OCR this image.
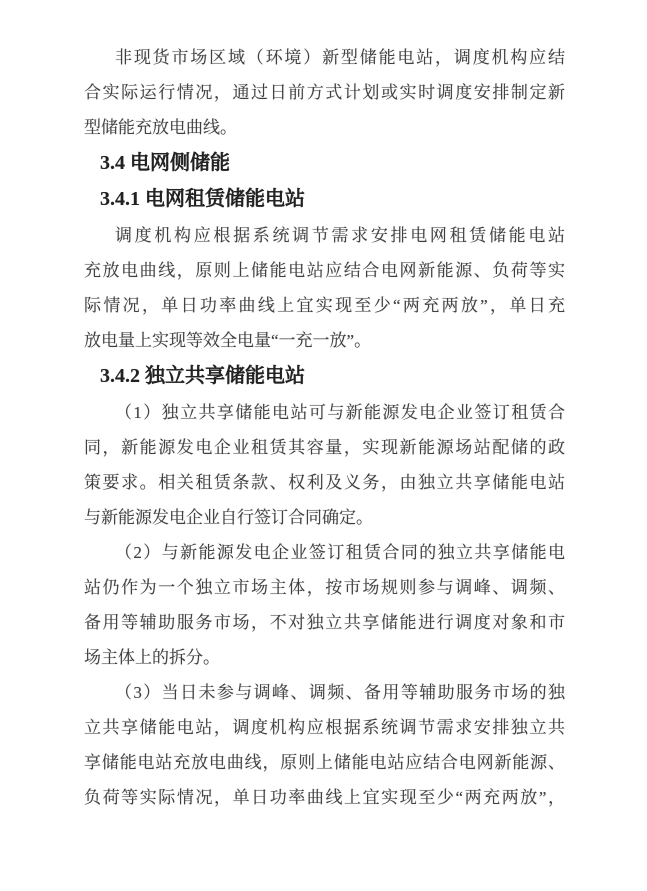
非现货市场区域（环境）新型储能电站，调度机构应结
合实际运行情况，通过日前方式计划或实时调度安排制定新
型储能充放电曲线。
3.4 电网侧储能
3.4.1 电网租赁储能电站
调度机构应根据系统调节需求安排电网租赁储能电站
充放电曲线，原则上储能电站应结合电网新能源、负荷等实
际情况，单日功率曲线上宜实现至少“两充两放”，单日充
放电量上实现等效全电量“一充一放”。
3.4.2 独立共享储能电站
（1）独立共享储能电站可与新能源发电企业签订租赁合
同，新能源发电企业租赁其容量，实现新能源场站配储的政
策要求。相关租赁条款、权利及义务，由独立共享储能电站
与新能源发电企业自行签订合同确定。
（2）与新能源发电企业签订租赁合同的独立共享储能电
站仍作为一个独立市场主体，按市场规则参与调峰、调频、
备用等辅助服务市场，不对独立共享储能进行调度对象和市
场主体上的拆分。
（3）当日未参与调峰、调频、备用等辅助服务市场的独
立共享储能电站，调度机构应根据系统调节需求安排独立共
享储能电站充放电曲线，原则上储能电站应结合电网新能源、
负荷等实际情况，单日功率曲线上宜实现至少“两充两放”，
